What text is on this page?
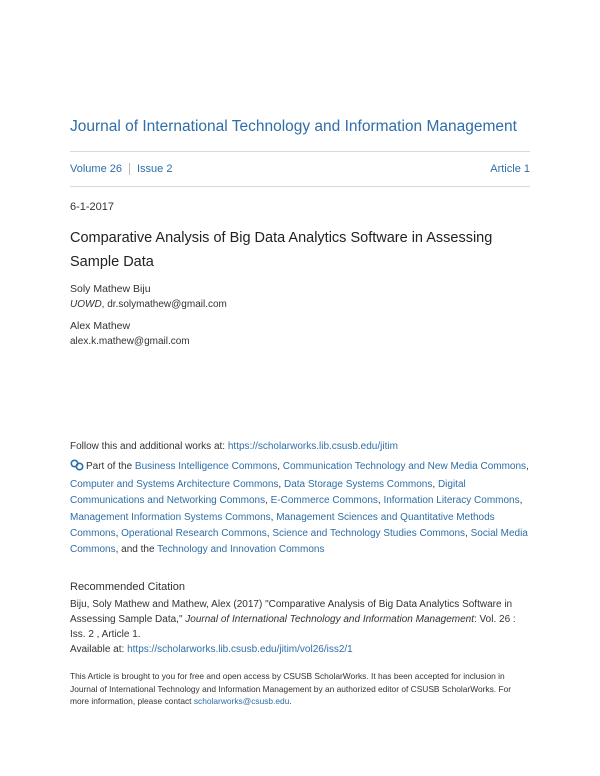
Journal of International Technology and Information Management
Volume 26 Issue 2	Article 1
6-1-2017
Comparative Analysis of Big Data Analytics Software in Assessing Sample Data
Soly Mathew Biju
UOWD, dr.solymathew@gmail.com
Alex Mathew
alex.k.mathew@gmail.com
Follow this and additional works at: https://scholarworks.lib.csusb.edu/jitim
Part of the Business Intelligence Commons, Communication Technology and New Media Commons, Computer and Systems Architecture Commons, Data Storage Systems Commons, Digital Communications and Networking Commons, E-Commerce Commons, Information Literacy Commons, Management Information Systems Commons, Management Sciences and Quantitative Methods Commons, Operational Research Commons, Science and Technology Studies Commons, Social Media Commons, and the Technology and Innovation Commons
Recommended Citation
Biju, Soly Mathew and Mathew, Alex (2017) "Comparative Analysis of Big Data Analytics Software in Assessing Sample Data," Journal of International Technology and Information Management: Vol. 26 : Iss. 2 , Article 1.
Available at: https://scholarworks.lib.csusb.edu/jitim/vol26/iss2/1
This Article is brought to you for free and open access by CSUSB ScholarWorks. It has been accepted for inclusion in Journal of International Technology and Information Management by an authorized editor of CSUSB ScholarWorks. For more information, please contact scholarworks@csusb.edu.
